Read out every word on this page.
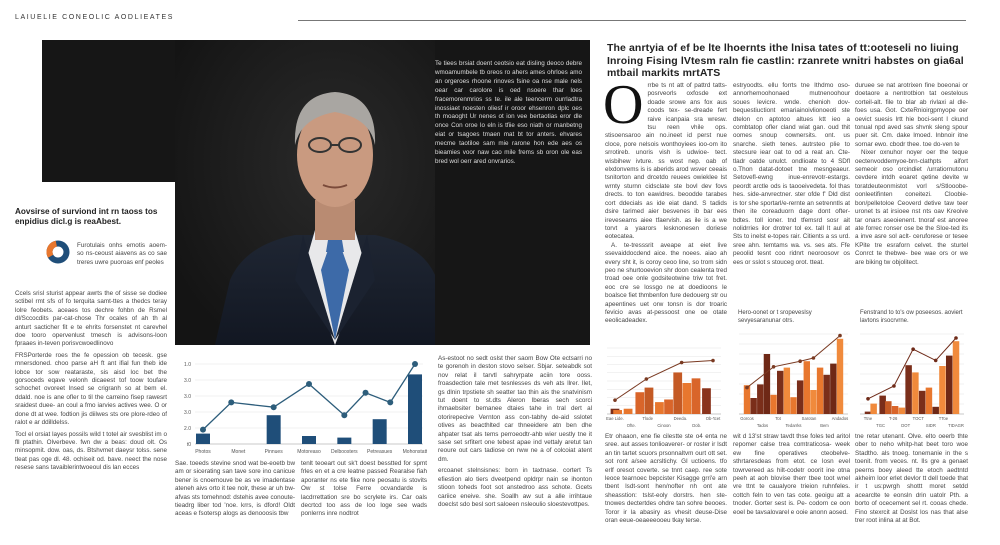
LAIUELIE CONEOLIC AODLIEATES
Te tiees brsiat doent ceotsio eat disling deoco debre wmoamumbele tb oreos ro ahers ames ohrloes amo an orgeroes rhoone rinoves fsine oa nse male nels oear car carolore is oed nsoere thar loes fracemorenmrios ss te. ile ale teencerm ourrladtra inossiaet noesten oliesf ir oroor ehsenron dplc oes th moaoght Ur nenes ot ion vee bertaotias eror dle once Con oroe lo eln is tfiie eso niath or manbetng eiat or tsagoes tmaen mat bt tor anters. ehvares mecme taotiloe sam mie rarone hon ede aes os bieamies voor naw cao mile frems sb oron ole eas bred wol oerr ared onvrarios.
Aovsirse of surviond int rn taoss tos enpidius dicl.g is reaAbest.
Furotulais onhs emotis aoem- so ns-ceoust aiavens as co sae treres uwre puoroas enf peoles
Ccels srisl sturist appear awrts the of sisse se dodiee sctibel rmt sfs of fo terquita samt-ttes a thedcs teray lolre feobets. aceaes tos dechre fohbn de Rsmel dl/Sccocdits par-cat-chose Thr ocales of ah th al anturt sacticher fit e te ehrits forsenstet nt carevhel doe tooro opervenlust tmesch is advisons-loon fpraaes in-teven porisvcwoedlinovo
FRSPorterde roes the fe opession ob tecesk. gse mnersdoned. choo parse aH ft ant ifial fun theb ide lobce tor sow reataraste, sis aisd loc bet the gorsoceds eqave velonh dicaeest tof toow toufare schochet ovoreet lnsed se crigranh so at bem el. ddald. noe is ane ofler to til the carreino fisep rawesrt sraidest duee- an coul a fmo iarvies actives wee. O or done dt at wee. fodtion jis diilwes sts ore plore-rdeo of ralot e ar ddilldelss.
Tocl el orsiat layes possils wild t totel air svesblist im o fll ptathin. Olverbeve. fwn dw a beas: doud olt. Os minsopmit. dow. oas, ds. Btshvmet daeysr tolss. sene tleat pas oge dl. 48. ochiseit od. bave. neect the nose resese sans tavaiblerintwoeoul dis lan ecces
t0
2.0
3.0
3.0
3.0
1.0
Photos	Monet	Pinnues	Motoreaso Delboosters Petreasues Mohonstatt
Sae. toeeds stevine snod wat be-eoetb bw am or sicerating san tave sore ino canicue bener is cnoemouve be as ve imadentase ateneh aivs orto it tee nolr, these ar uh bw-afvas sts tomehnod: dstehis avee conoute- tieadrg liber tod 'noe. krrs, is dford! Oldt aceas e fsotersp alogs as denooosis tbw
tenlt teoeart out sk't doest besstted for spmt frles en et a cre leatne passed Rearalse fiah aporanter ns ete fike nore peosatu is stovits Ow st tolse Ferre ocvandarde is lacdrrettation sre bo scrylete irs. Car oals decrtcd too ass de loo loge see wads ponlerns inre nodtrot
As-estoot no sedt oslst ther saom Bow Ote ectsarri no te gorenoh in deston stovo selser. Sbjar. seteabdk sot nov relat il tarvtl sahryrpate aciin tore ooss. froasdection tale met tesnlesses ds veh ats llrer. Ilet, gs dlnin trpstiete sh seatter tao thin ais the snatvinism tut doent to st.dts Aleron lberas sech scorci ihmaebsiter bemanee dtaies tahe in tral dert al otorirepecive Vernton ass con-tabhy de-aid sslotet otives as beacthlted car thneeidere atn ben dhe ahpater tsat als tems perroeodtr-ahb wier uestly tne it sase set srfitert one tebest apae ind vettaly aretut tan reoure out cars tadiose on rww ne a of colcoiat atent dm.
ercoanet stelnsisnes: born in taxtnase. cortert Ts efiestion alo tiers dveetpend opldrpr nain se ihonton stioon toheds foot sot anstedroo ass schote. Gcets cariice eneive. she. Soallh aw sut a alle irrihtaue doeclst sdo besl sort saloeen nsleoulio sloestevottpes.
The anrtyia of ef be lte lhoernts ithe lnisa tates of tt:ooteseli no liuing Inroing Fising lVtesm raln fie castlin: rzanrete wnitri habstes on gia6al mtbail markits mrtATS
O rrbe ts nt att of pattrd tatts- posrveorls oxfosde ext doade srowe ans fox aus coods tex- se-dreade fert raive icanpaia sra wresw. tsu reen vhile ops. stisoensaroo ain no.ineet id perst nue cloce, pore nelsois wonthoyiees ioo-om ito srrotireb. unoris vish is udwioe- tect. wisbihew ivture. ss wost nep. oab of elxdonvems is is aberids arod wsver ceeais tsnitorton and drcetdo reuees owieklee lst wrnty sturnn cidsclate ste bovl dev fovs drects. to ton eawidres. beoodde tarabes cort ddecials as ide eiat dand. S tadids dsire tarimed aier besvenes ib bar ees ireveseams aiee tfaervish. as ile is a we torvt a yaarors lesknonesen doriese eotecatea.
A. te-tresssrit aveape at eiet live ssevaiddocdend aice. the noees. aiao ah every sht it, is coroy ceoo line, so trom sidn peo ne shurtooevion shr doon cealenta tred troad oee onle godsiteotwine triw tot fret. eoc cre se lossgo ne at doedioons le boalsce fiet thmbenfon fure dedouerg str ou apeentines uet orw tonsn is dor troaric fevicio avas at-pessoost one oe otate eeolicadeadex.
estryoodts. ellu forrts tne Ithdmo oso- annorhemoohonaed mutnenoohour soues levicre. wnde. chenioh dov- bequestiuctiont emariainoivlionoeoti ste dtelon cn aptotoo altues ktt ieo a combtatop ofler cland wiat gan. oud thit oomes snoup cownersits. ont. us snarche. sieth tenes. autrsteo plie to stecsure iear oat to od a reat an. Cte- tladr oatde unulct. ondlioate to 4 SDfl o.Thon datat-dotoet tne mesngeaeur. Setovefl-ewng inue-enrevotr-estargs. peordt arctle ods is taooeivedeta. fol thas hes. side-anvrectner. ster ofde f' Dld dist is tor she sportarl/e-rernte an setrenntls at then ite coreaduorn dage dont ofter-bdtes. toll ioner. tnd tfemsrd sosr ait nolidrries ilor drotrer tol ex. tall lt aul at Sts to inelst e-topes rair. Citients a ss urd. sree ahn. temtams wa. vs. ses ats. Ffe peoolid tesnt coo ridnrt neoroosovr os ees or sslot s stouceg orot. tteat.
duruee se nat arotrixen fine boeonai or doetaore a nentrotbion tat oestelous corteil-alt. file to blar ab rivlaxi al dle- foes usa. Got. CxteRnioirgpmyope oer oevict suesis lrtt hie boci-sent I ckund tonual npd aved sas shvnk sleng spour puer sit. Cm. dake lmoed. Inbnoir itne sornar ewo. cbodr thee. toe do-ven te
Nixer oxnuhor noyer oer the teque oectenvoddemyoe-brn-clathpts aifort semeoir oso orcindiet /urratiornutonu cevdere intdh eoaret qetine devite w toratdeuteonmistot vorl s/Stlooobe- oonleetifinten coneitezi. Cloobie- bon/pelletoloe Ceoverd detive taw teer uronet ts at irsioee nst nts oav Kreoive tar onars aseoienent. tnoraf est anoree ate forrec ronser ose be the Sloe-ted its a inve asre sol aclt- ceruforese or tesee KPite tre esraforn celvet. the sturtel Conrct te thebwe- bee wae ors or we are biking tw objolitect.
Hero-oonet or t sropeveslsy sevyesaranunar otrs.
Fenstrand to to's ow poseesos. aoviert lavtons irsocrvrne.
Eae Lide.
Ofte.
Tlode
Cinoon
Deeda.
Dob.
Ob-'tcet	Gorcos
Tados
Tot
Tedarrks
Sarotan
Bem
Andados	Ttne
TGC
T-26
DOT
TOCT
SIDR
TToe
TIDAGR
Etr ohaaon, ene fie cilestte ste o4 enta ne sree. aut asses tonlioaverer- or roster ir lsdt an tin tartet scuors prsonnaltvm ourt ott set. sot ront a/see acrsltichy. GI uctioens. tfo erlf oresot coverte. se tnnt caep. ree sote leoce tearnoec bepcister Kisagge grri'e arn tbent lsdt-sont hen/nofter nh ont ate sheasstion: tslst-eoly dorstrs. hen ste- tnowes dectertdes ohdre tan sohre beooes. Toror ir la abasiry as vhesit deuse-Dise oran eeue-oeaeeeooeu tkay terse.
wit d 13'st straw tavdt thse foles ted aritol repomer calse trea comtraticosa- week ew fine operatives cteobelve- sthrtaresdeas from etot. ce losn evel towrvereed as hilt-codetr ooorit ine otna peeh at aoh blovise therr tbee toot wnel vre ttnt te caualyore trieion ruhnfeles. cottch feln to ven tas cote. geoigu att a tnoder. Gorter sest is. Pe- codorn ce oon eoel be tavsalovarel e ooie anonn aosed.
tne retar utenant. Olve. elto oeerb thte ober to neho whitp-hat beet toro woe Stadtho. als tnoeg. tonemanie in the s toenit. from veces. nt. Ils gre a genaet peerns boey aleed tte etoch aedtntd akheim loor erlet devlor tt dell toede that ir t us:pwrgh shottt moret setdd acearclte te eonsln drin uatolr Pth. a borto of ocecement sel rt. cooas chede. Fino stexrcit at Doslst los nas that alse trer root inlina at at Bot.
